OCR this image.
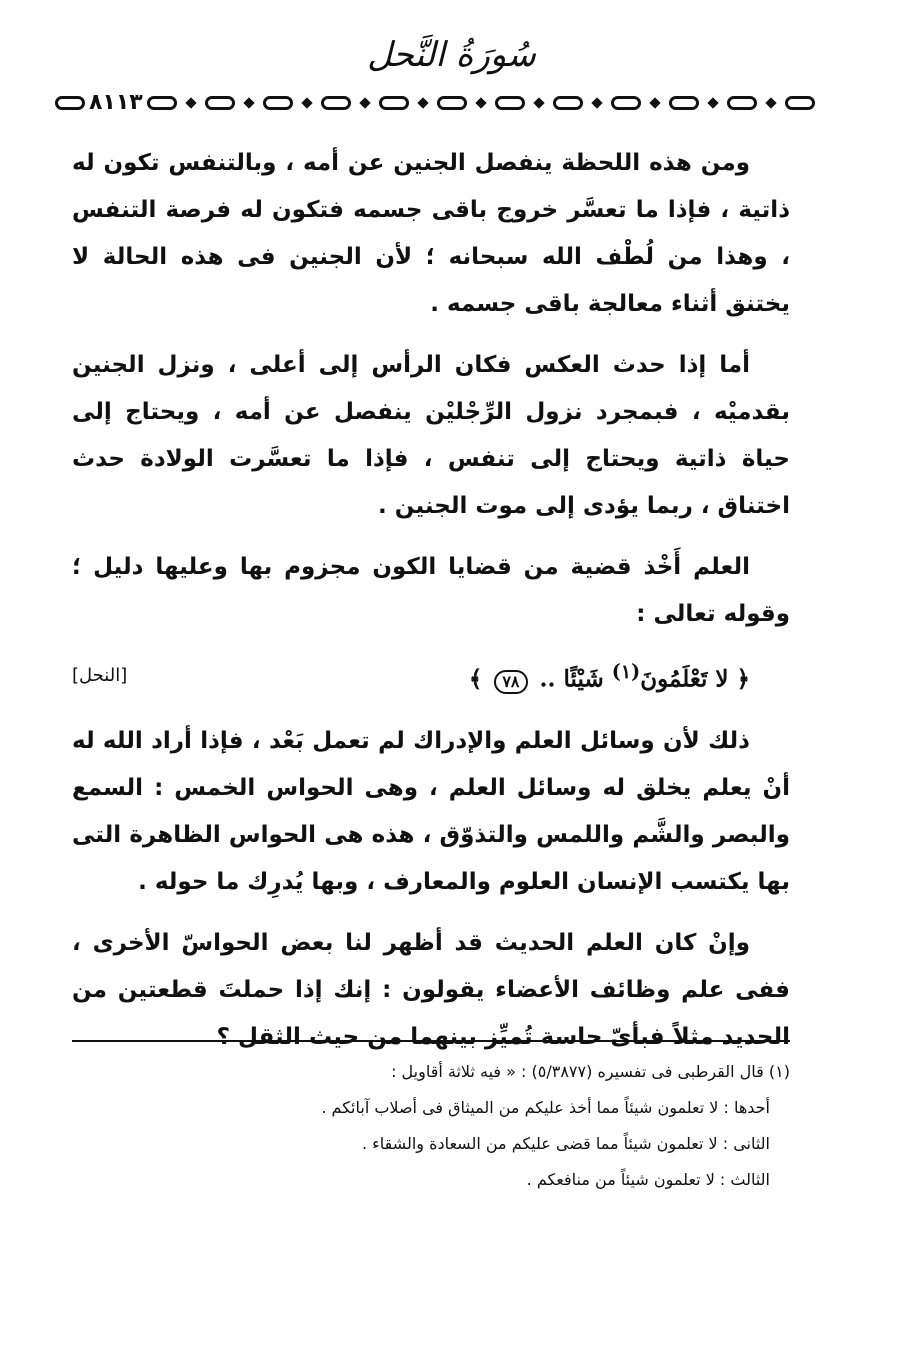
سُورَةُ النَّحل
٨١١٣

ومن هذه اللحظة ينفصل الجنين عن أمه ، وبالتنفس تكون له ذاتية ، فإذا ما تعسَّر خروج باقى جسمه فتكون له فرصة التنفس ، وهذا من لُطْف الله سبحانه ؛ لأن الجنين فى هذه الحالة لا يختنق أثناء معالجة باقى جسمه .

أما إذا حدث العكس فكان الرأس إلى أعلى ، ونزل الجنين بقدميْه ، فبمجرد نزول الرِّجْليْن ينفصل عن أمه ، ويحتاج إلى حياة ذاتية ويحتاج إلى تنفس ، فإذا ما تعسَّرت الولادة حدث اختناق ، ربما يؤدى إلى موت الجنين .

العلم أَخْذ قضية من قضايا الكون مجزوم بها وعليها دليل ؛ وقوله تعالى :

﴿ لا تَعْلَمُونَ$^{(١)}$ شَيْئًا .. ٧٨ ﴾
[النحل]

ذلك لأن وسائل العلم والإدراك لم تعمل بَعْد ، فإذا أراد الله له أنْ يعلم يخلق له وسائل العلم ، وهى الحواس الخمس : السمع والبصر والشَّم واللمس والتذوّق ، هذه هى الحواس الظاهرة التى بها يكتسب الإنسان العلوم والمعارف ، وبها يُدرِك ما حوله .

وإنْ كان العلم الحديث قد أظهر لنا بعض الحواسّ الأخرى ، ففى علم وظائف الأعضاء يقولون : إنك إذا حملتَ قطعتين من الحديد مثلاً فبأىّ حاسة تُميِّز بينهما من حيث الثقل ؟

(١) قال القرطبى فى تفسيره (٥/٣٨٧٧) : « فيه ثلاثة أقاويل :
أحدها : لا تعلمون شيئاً مما أخذ عليكم من الميثاق فى أصلاب آبائكم .
الثانى : لا تعلمون شيئاً مما قضى عليكم من السعادة والشقاء .
الثالث : لا تعلمون شيئاً من منافعكم .
